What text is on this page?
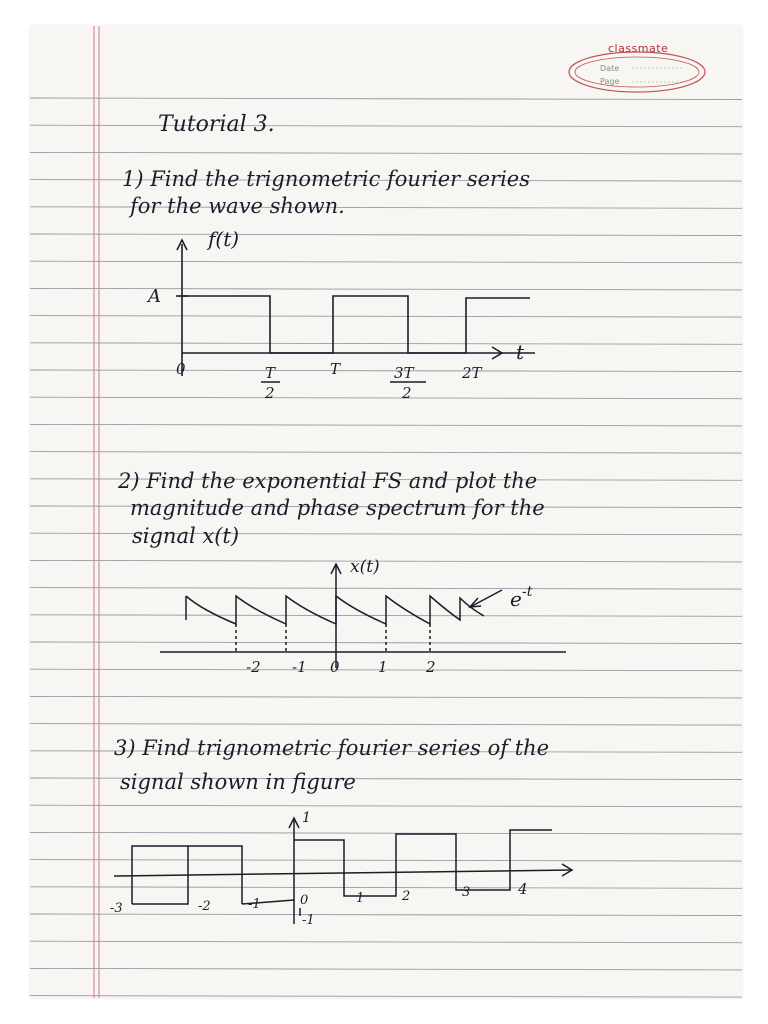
classmate
Date
Page

Tutorial 3.

1) Find the trignometric fourier series

for the wave shown.

f(t)
t
A
0	T
2
T	3T
2
2T

2) Find the exponential FS and plot the

magnitude and phase spectrum for the

signal x(t)

x(t)
e -t
-2 -1 0	1	2

3) Find trignometric fourier series of the

signal shown in figure

1
-1
-3	-2	-1	0	1	2	3	4
